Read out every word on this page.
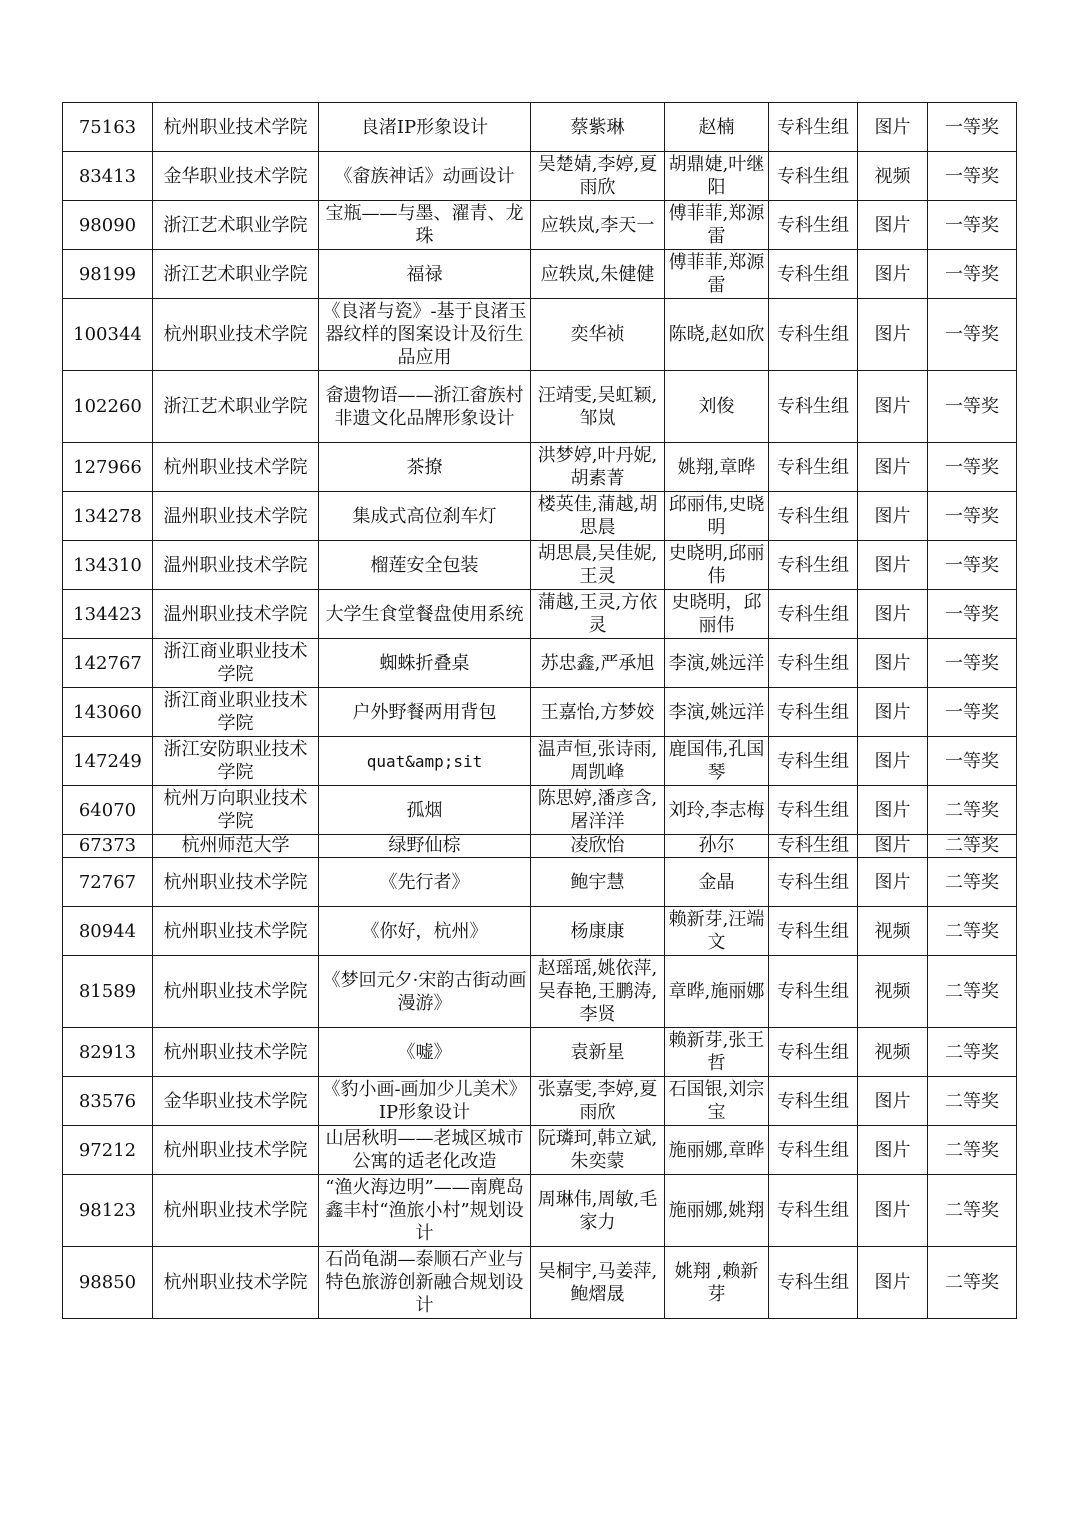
75163	杭州职业技术学院	良渚IP形象设计	蔡紫琳	赵楠	专科生组	图片	一等奖
83413	金华职业技术学院	《畲族神话》动画设计	吴楚婧,李婷,夏雨欣	胡鼎婕,叶继阳	专科生组	视频	一等奖
98090	浙江艺术职业学院	宝瓶——与墨、濯青、龙珠	应轶岚,李天一	傅菲菲,郑源雷	专科生组	图片	一等奖
98199	浙江艺术职业学院	福禄	应轶岚,朱健健	傅菲菲,郑源雷	专科生组	图片	一等奖
100344	杭州职业技术学院	《良渚与瓷》-基于良渚玉器纹样的图案设计及衍生品应用	奕华祯	陈晓,赵如欣	专科生组	图片	一等奖
102260	浙江艺术职业学院	畲遗物语——浙江畲族村非遗文化品牌形象设计	汪靖雯,吴虹颖,邹岚	刘俊	专科生组	图片	一等奖
127966	杭州职业技术学院	茶撩	洪梦婷,叶丹妮,胡素菁	姚翔,章晔	专科生组	图片	一等奖
134278	温州职业技术学院	集成式高位刹车灯	楼英佳,蒲越,胡思晨	邱丽伟,史晓明	专科生组	图片	一等奖
134310	温州职业技术学院	榴莲安全包装	胡思晨,吴佳妮,王灵	史晓明,邱丽伟	专科生组	图片	一等奖
134423	温州职业技术学院	大学生食堂餐盘使用系统	蒲越,王灵,方依灵	史晓明，邱丽伟	专科生组	图片	一等奖
142767	浙江商业职业技术学院	蜘蛛折叠桌	苏忠鑫,严承旭	李演,姚远洋	专科生组	图片	一等奖
143060	浙江商业职业技术学院	户外野餐两用背包	王嘉怡,方梦姣	李演,姚远洋	专科生组	图片	一等奖
147249	浙江安防职业技术学院	quat&amp;sit	温声恒,张诗雨,周凯峰	鹿国伟,孔国琴	专科生组	图片	一等奖
64070	杭州万向职业技术学院	孤烟	陈思婷,潘彦含,屠洋洋	刘玲,李志梅	专科生组	图片	二等奖
67373	杭州师范大学	绿野仙棕	凌欣怡	孙尔	专科生组	图片	二等奖
72767	杭州职业技术学院	《先行者》	鲍宇慧	金晶	专科生组	图片	二等奖
80944	杭州职业技术学院	《你好，杭州》	杨康康	赖新芽,汪端文	专科生组	视频	二等奖
81589	杭州职业技术学院	《梦回元夕·宋韵古街动画漫游》	赵瑶瑶,姚依萍,吴春艳,王鹏涛,李贤	章晔,施丽娜	专科生组	视频	二等奖
82913	杭州职业技术学院	《嘘》	袁新星	赖新芽,张王哲	专科生组	视频	二等奖
83576	金华职业技术学院	《豹小画-画加少儿美术》IP形象设计	张嘉雯,李婷,夏雨欣	石国银,刘宗宝	专科生组	图片	二等奖
97212	杭州职业技术学院	山居秋明——老城区城市公寓的适老化改造	阮璘珂,韩立斌,朱奕蒙	施丽娜,章晔	专科生组	图片	二等奖
98123	杭州职业技术学院	“渔火海边明”——南麂岛鑫丰村“渔旅小村”规划设计	周琳伟,周敏,毛家力	施丽娜,姚翔	专科生组	图片	二等奖
98850	杭州职业技术学院	石尚龟湖—泰顺石产业与特色旅游创新融合规划设计	吴桐宇,马姜萍,鲍熠晟	姚翔 ,赖新芽	专科生组	图片	二等奖
